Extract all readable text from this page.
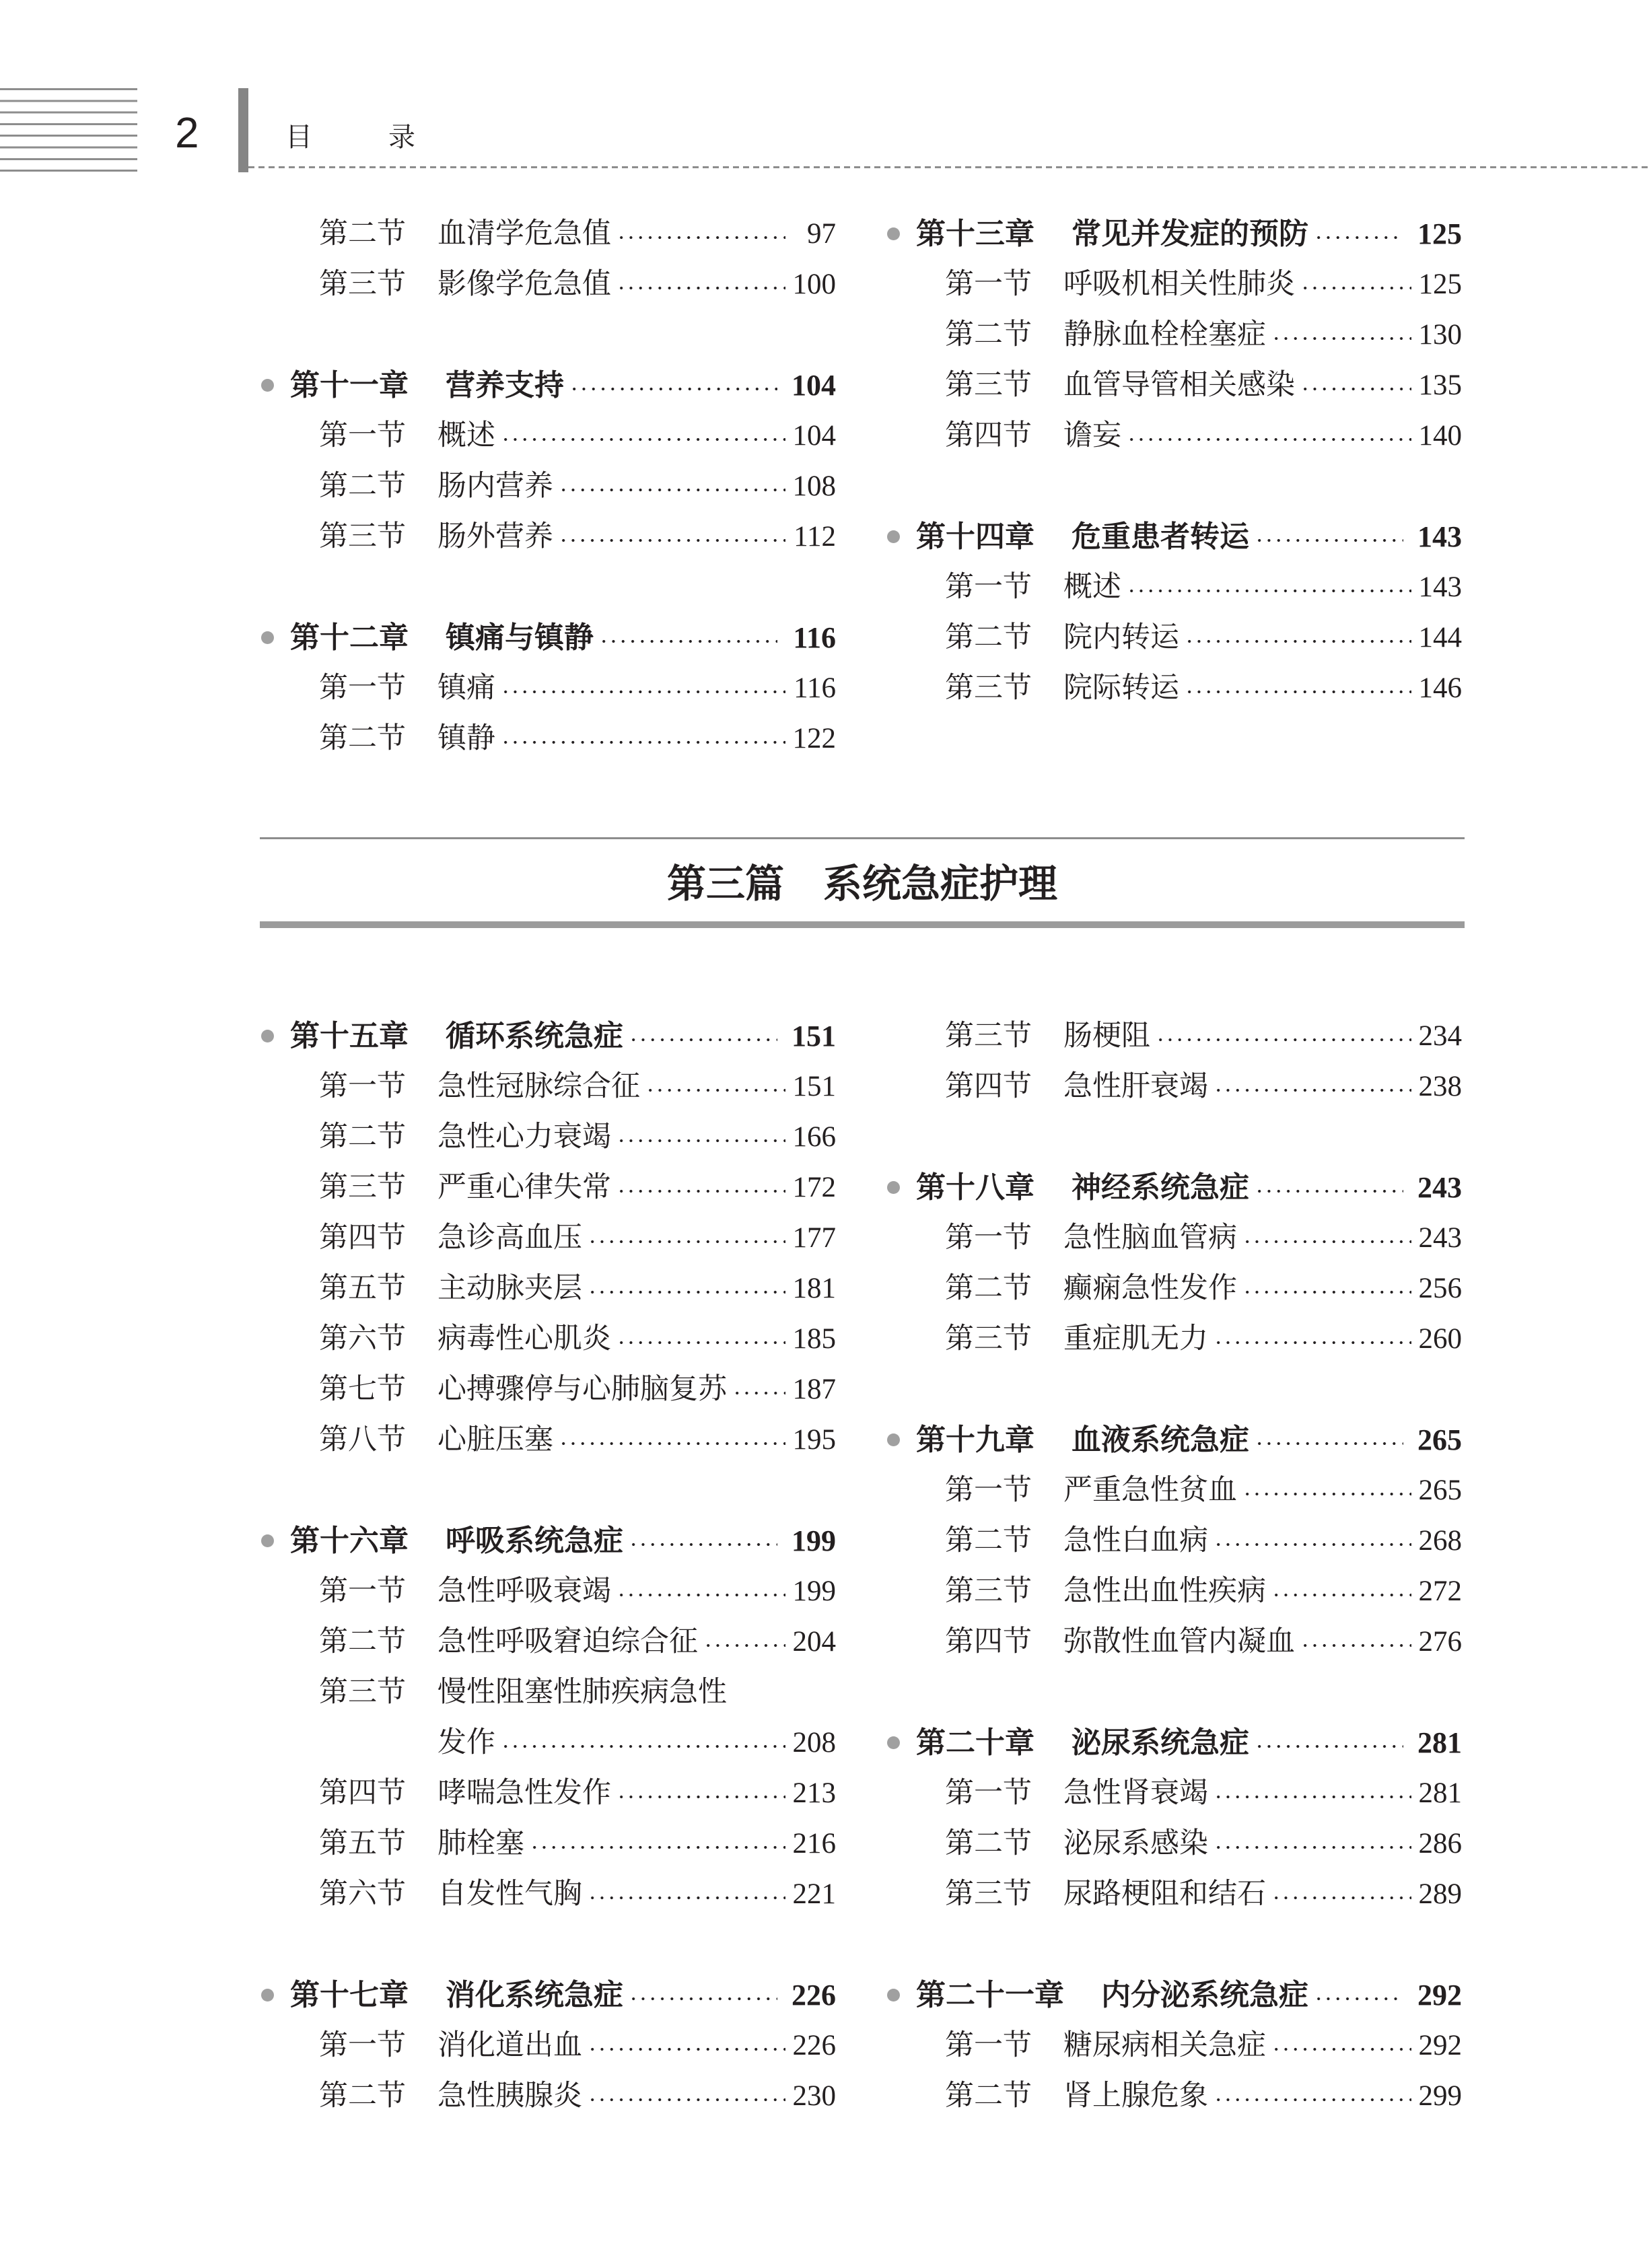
2	目录
第二节	血清学危急值	97
第三节	影像学危急值	100
第十一章 营养支持	104
第一节	概述	104
第二节	肠内营养	108
第三节	肠外营养	112
第十二章 镇痛与镇静	116
第一节	镇痛	116
第二节	镇静	122
第十三章 常见并发症的预防	125
第一节	呼吸机相关性肺炎	125
第二节	静脉血栓栓塞症	130
第三节	血管导管相关感染	135
第四节	谵妄	140
第十四章 危重患者转运	143
第一节	概述	143
第二节	院内转运	144
第三节	院际转运	146
第三篇 系统急症护理
第十五章 循环系统急症	151
第一节	急性冠脉综合征	151
第二节	急性心力衰竭	166
第三节	严重心律失常	172
第四节	急诊高血压	177
第五节	主动脉夹层	181
第六节	病毒性心肌炎	185
第七节	心搏骤停与心肺脑复苏 187
第八节	心脏压塞	195
第十六章 呼吸系统急症	199
第一节	急性呼吸衰竭	199
第二节	急性呼吸窘迫综合征	204
第三节	慢性阻塞性肺疾病急性
发作	208
第四节	哮喘急性发作	213
第五节	肺栓塞	216
第六节	自发性气胸	221
第十七章 消化系统急症	226
第一节	消化道出血	226
第二节	急性胰腺炎	230
第三节	肠梗阻	234
第四节	急性肝衰竭	238
第十八章 神经系统急症	243
第一节	急性脑血管病	243
第二节	癫痫急性发作	256
第三节	重症肌无力	260
第十九章 血液系统急症	265
第一节	严重急性贫血	265
第二节	急性白血病	268
第三节	急性出血性疾病	272
第四节	弥散性血管内凝血	276
第二十章 泌尿系统急症	281
第一节	急性肾衰竭	281
第二节	泌尿系感染	286
第三节	尿路梗阻和结石	289
第二十一章 内分泌系统急症	292
第一节	糖尿病相关急症	292
第二节	肾上腺危象	299
